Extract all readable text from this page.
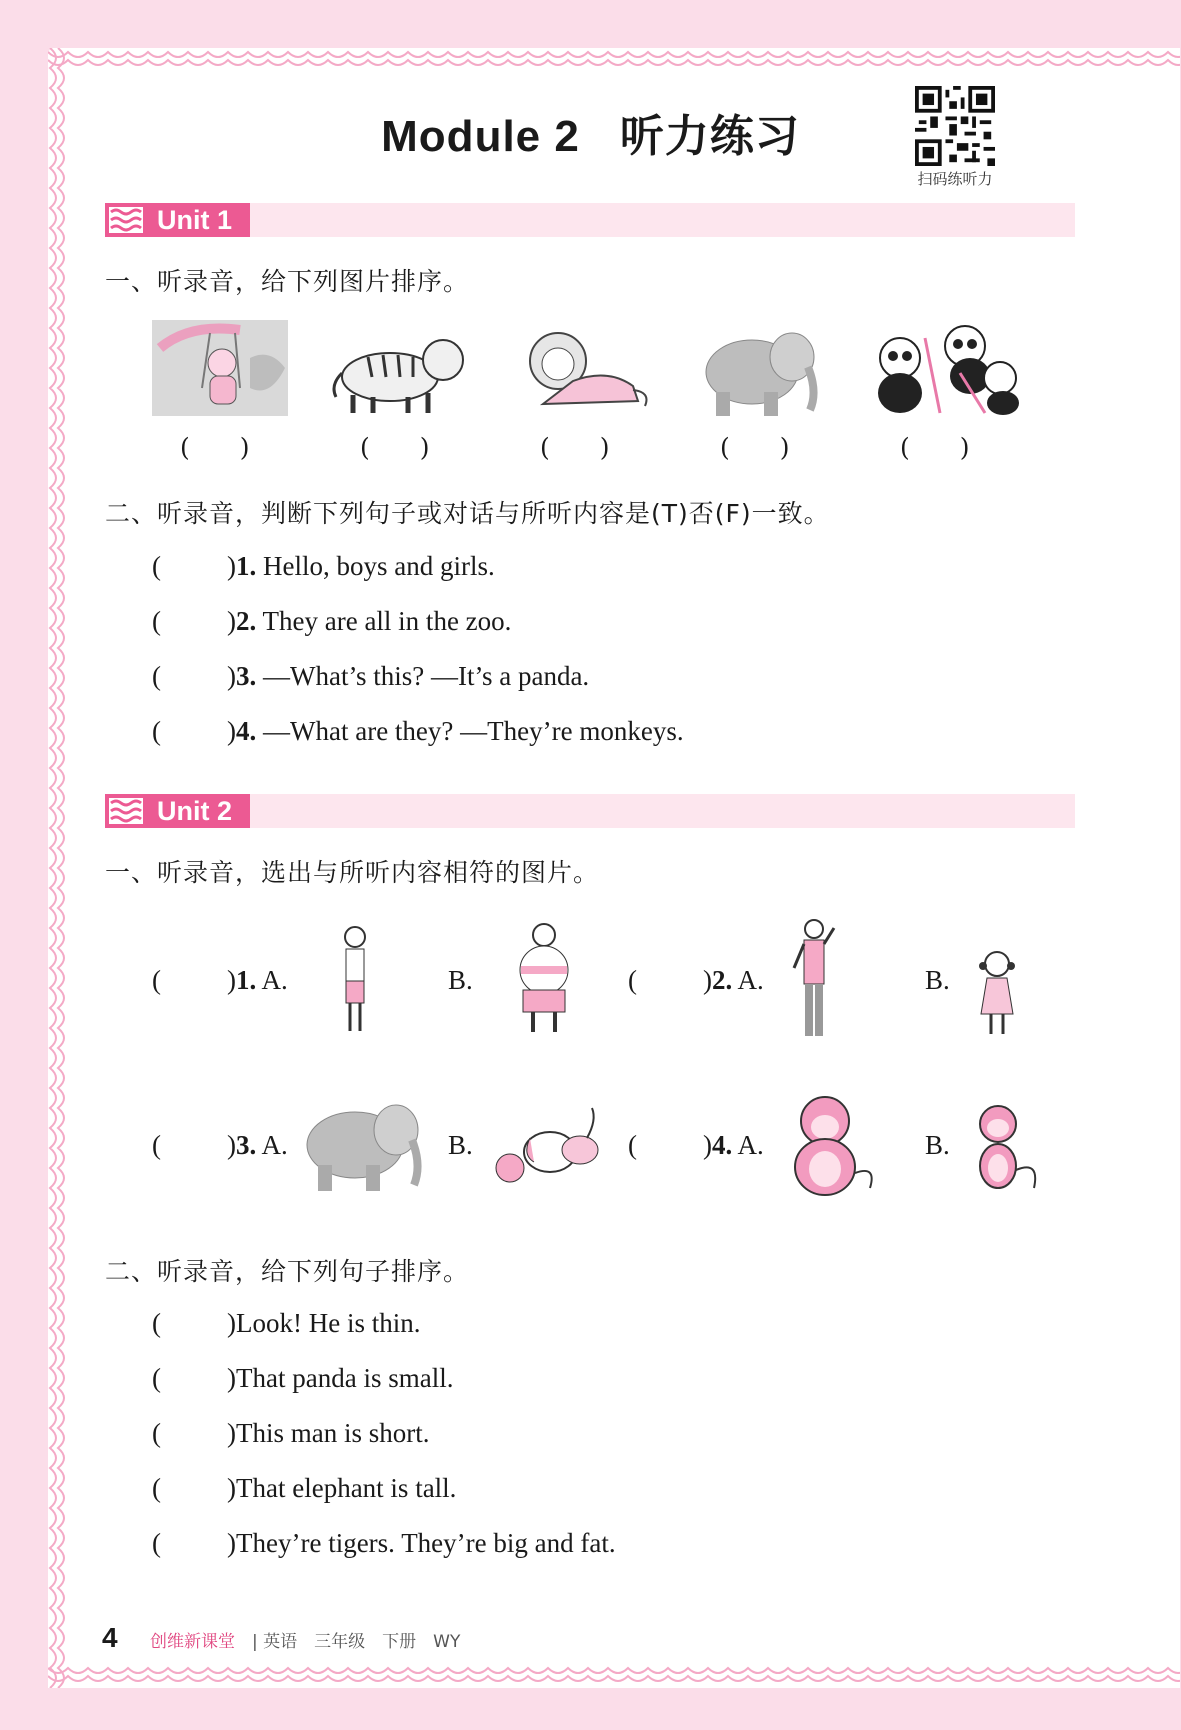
Module 2 听力练习
扫码练听力
Unit 1
一、听录音，给下列图片排序。
(　　)	(　　)	(　　)	(　　)	(　　)
二、听录音，判断下列句子或对话与所听内容是(T)否(F)一致。
( )1. Hello, boys and girls.
( )2. They are all in the zoo.
( )3. —What’s this? —It’s a panda.
( )4. —What are they? —They’re monkeys.
Unit 2
一、听录音，选出与所听内容相符的图片。
( )1. A.	B.	( )2. A.	B.
( )3. A.	B.	( )4. A.	B.
二、听录音，给下列句子排序。
( )Look! He is thin.
( )That panda is small.
( )This man is short.
( )That elephant is tall.
( )They’re tigers. They’re big and fat.
4 创维新课堂 | 英语　三年级　下册　WY
